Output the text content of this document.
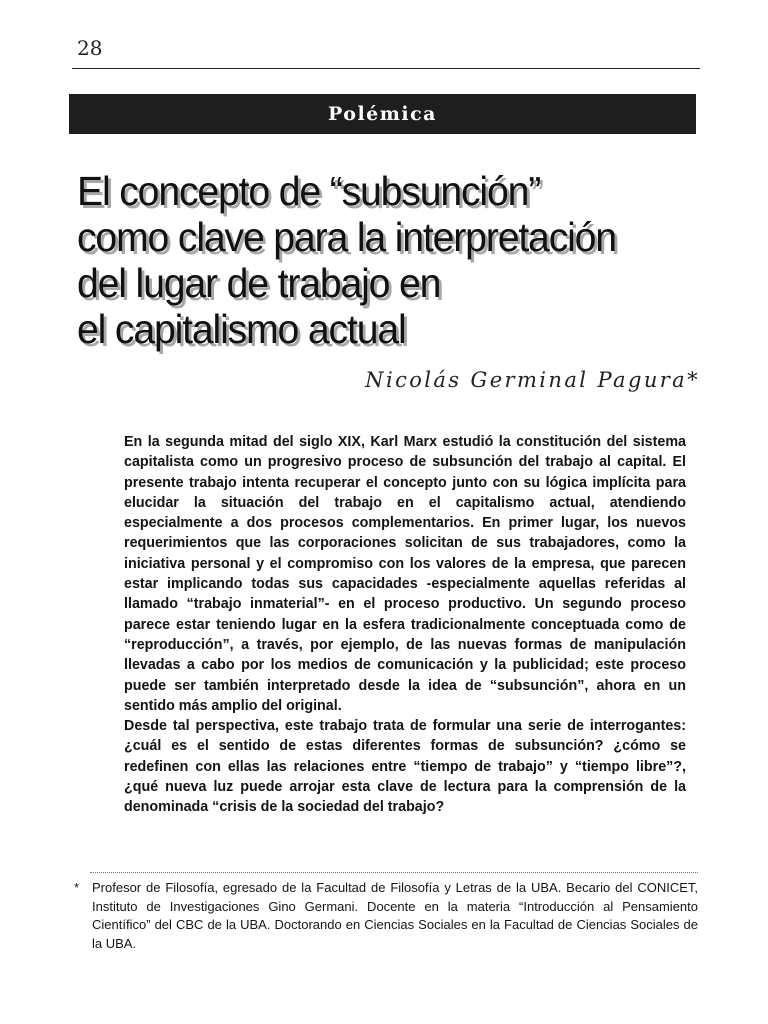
28
Polémica
El concepto de “subsunción”
como clave para la interpretación
del lugar de trabajo en
el capitalismo actual
Nicolás Germinal Pagura*

En la segunda mitad del siglo XIX, Karl Marx estudió la constitución del sistema capitalista como un progresivo proceso de subsunción del trabajo al capital. El presente trabajo intenta recuperar el concepto junto con su lógica implícita para elucidar la situación del trabajo en el capitalismo actual, atendiendo especialmente a dos procesos complementarios. En primer lugar, los nuevos requerimientos que las corporaciones solicitan de sus trabajadores, como la iniciativa personal y el compromiso con los valores de la empresa, que parecen estar implicando todas sus capacidades -especialmente aquellas referidas al llamado “trabajo inmaterial”- en el proceso productivo. Un segundo proceso parece estar teniendo lugar en la esfera tradicionalmente conceptuada como de “reproducción”, a través, por ejemplo, de las nuevas formas de manipulación llevadas a cabo por los medios de comunicación y la publicidad; este proceso puede ser también interpretado desde la idea de “subsunción”, ahora en un sentido más amplio del original.

Desde tal perspectiva, este trabajo trata de formular una serie de interrogantes: ¿cuál es el sentido de estas diferentes formas de subsunción? ¿cómo se redefinen con ellas las relaciones entre “tiempo de trabajo” y “tiempo libre”?, ¿qué nueva luz puede arrojar esta clave de lectura para la comprensión de la denominada “crisis de la sociedad del trabajo?

* Profesor de Filosofía, egresado de la Facultad de Filosofía y Letras de la UBA. Becario del CONICET, Instituto de Investigaciones Gino Germani. Docente en la materia “Introducción al Pensamiento Científico” del CBC de la UBA. Doctorando en Ciencias Sociales en la Facultad de Ciencias Sociales de la UBA.
